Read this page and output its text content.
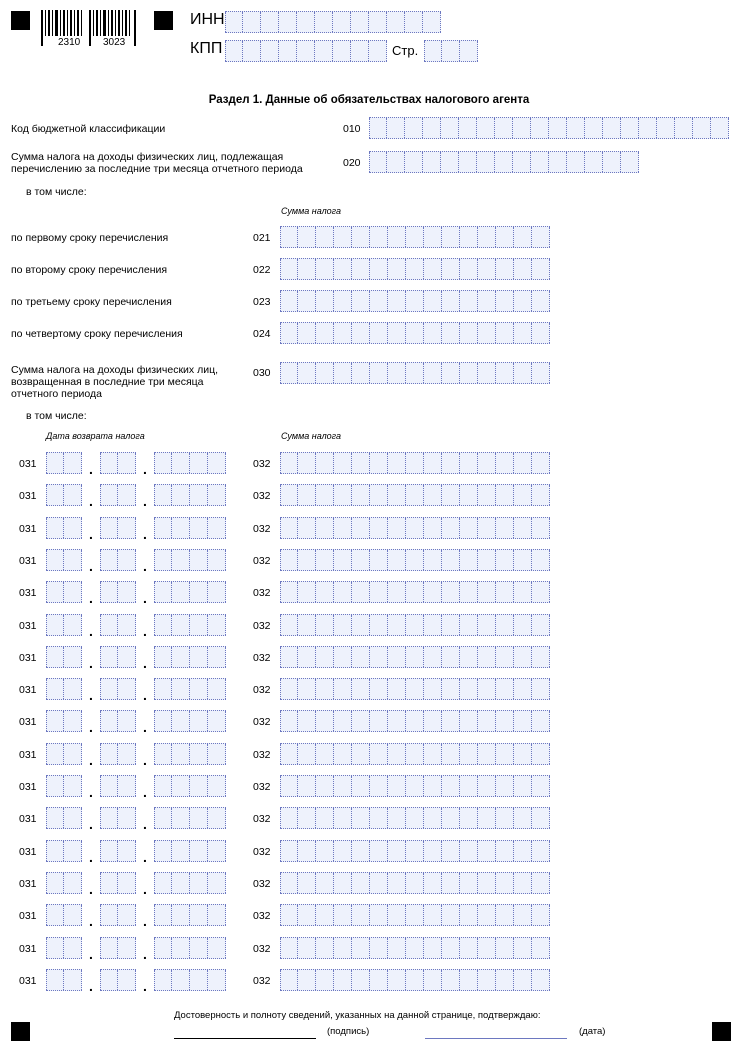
2310 3023
ИНН
КПП	Стр.
Раздел 1. Данные об обязательствах налогового агента
Код бюджетной классификации	010
Сумма налога на доходы физических лиц, подлежащая
перечислению за последние три месяца отчетного периода	020
в том числе:
Сумма налога
по первому сроку перечисления	021
по второму сроку перечисления	022
по третьему сроку перечисления	023
по четвертому сроку перечисления	024
Сумма налога на доходы физических лиц,
возвращенная в последние три месяца
отчетного периода
030
в том числе:
Дата возврата налога	Сумма налога
031	.	.	032
031	.	.	032
031	.	.	032
031	.	.	032
031	.	.	032
031	.	.	032
031	.	.	032
031	.	.	032
031	.	.	032
031	.	.	032
031	.	.	032
031	.	.	032
031	.	.	032
031	.	.	032
031	.	.	032
031	.	.	032
031	.	.	032
Достоверность и полноту сведений, указанных на данной странице, подтверждаю:
(подпись)	(дата)
